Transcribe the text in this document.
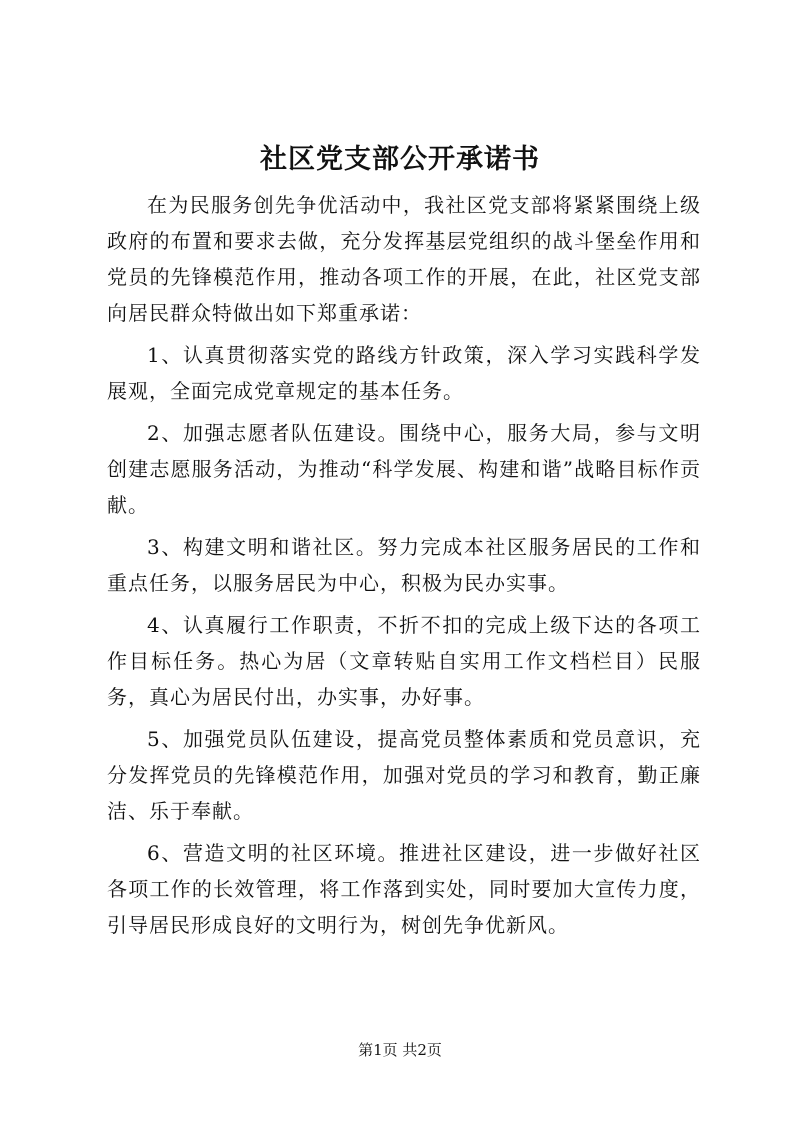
社区党支部公开承诺书

在为民服务创先争优活动中，我社区党支部将紧紧围绕上级政府的布置和要求去做，充分发挥基层党组织的战斗堡垒作用和党员的先锋模范作用，推动各项工作的开展，在此，社区党支部向居民群众特做出如下郑重承诺：

1、认真贯彻落实党的路线方针政策，深入学习实践科学发展观，全面完成党章规定的基本任务。

2、加强志愿者队伍建设。围绕中心，服务大局，参与文明创建志愿服务活动，为推动“科学发展、构建和谐”战略目标作贡献。

3、构建文明和谐社区。努力完成本社区服务居民的工作和重点任务，以服务居民为中心，积极为民办实事。

4、认真履行工作职责，不折不扣的完成上级下达的各项工作目标任务。热心为居（文章转贴自实用工作文档栏目）民服务，真心为居民付出，办实事，办好事。

5、加强党员队伍建设，提高党员整体素质和党员意识，充分发挥党员的先锋模范作用，加强对党员的学习和教育，勤正廉洁、乐于奉献。

6、营造文明的社区环境。推进社区建设，进一步做好社区各项工作的长效管理，将工作落到实处，同时要加大宣传力度，引导居民形成良好的文明行为，树创先争优新风。

第1页 共2页
